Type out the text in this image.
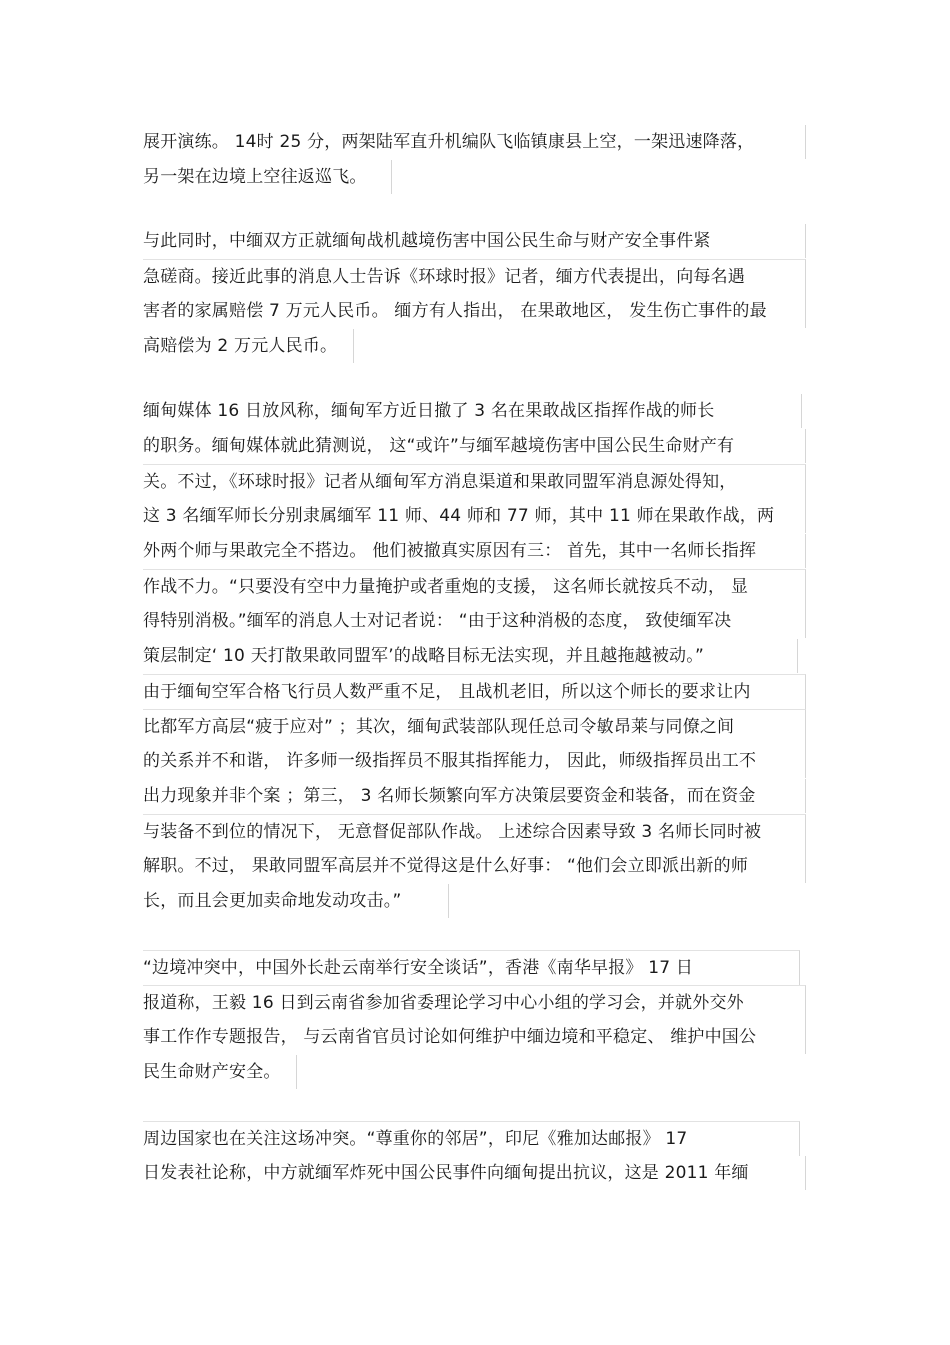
展开演练。 14时 25 分，两架陆军直升机编队飞临镇康县上空，一架迅速降落，
另一架在边境上空往返巡飞。
与此同时，中缅双方正就缅甸战机越境伤害中国公民生命与财产安全事件紧
急磋商。接近此事的消息人士告诉《环球时报》记者，缅方代表提出，向每名遇
害者的家属赔偿 7 万元人民币。 缅方有人指出， 在果敢地区， 发生伤亡事件的最
高赔偿为 2 万元人民币。
缅甸媒体 16 日放风称，缅甸军方近日撤了 3 名在果敢战区指挥作战的师长
的职务。缅甸媒体就此猜测说， 这“或许”与缅军越境伤害中国公民生命财产有
关。不过，《环球时报》记者从缅甸军方消息渠道和果敢同盟军消息源处得知，
这 3 名缅军师长分别隶属缅军 11 师、44 师和 77 师，其中 11 师在果敢作战，两
外两个师与果敢完全不搭边。 他们被撤真实原因有三： 首先，其中一名师长指挥
作战不力。“只要没有空中力量掩护或者重炮的支援， 这名师长就按兵不动， 显
得特别消极。”缅军的消息人士对记者说： “由于这种消极的态度， 致使缅军决
策层制定‘ 10 天打散果敢同盟军’的战略目标无法实现，并且越拖越被动。”
由于缅甸空军合格飞行员人数严重不足， 且战机老旧，所以这个师长的要求让内
比都军方高层“疲于应对” ；其次，缅甸武装部队现任总司令敏昂莱与同僚之间
的关系并不和谐， 许多师一级指挥员不服其指挥能力， 因此，师级指挥员出工不
出力现象并非个案 ；第三， 3 名师长频繁向军方决策层要资金和装备，而在资金
与装备不到位的情况下， 无意督促部队作战。 上述综合因素导致 3 名师长同时被
解职。不过， 果敢同盟军高层并不觉得这是什么好事： “他们会立即派出新的师
长，而且会更加卖命地发动攻击。”
“边境冲突中，中国外长赴云南举行安全谈话”，香港《南华早报》 17 日
报道称，王毅 16 日到云南省参加省委理论学习中心小组的学习会，并就外交外
事工作作专题报告， 与云南省官员讨论如何维护中缅边境和平稳定、 维护中国公
民生命财产安全。
周边国家也在关注这场冲突。“尊重你的邻居”，印尼《雅加达邮报》 17
日发表社论称，中方就缅军炸死中国公民事件向缅甸提出抗议，这是 2011 年缅
